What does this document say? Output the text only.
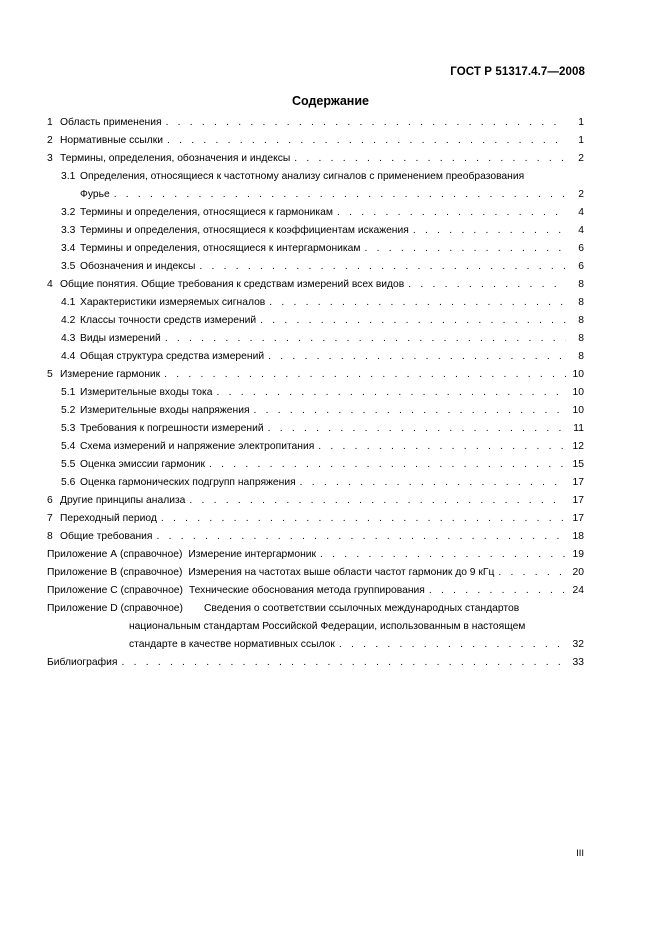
ГОСТ Р 51317.4.7—2008
Содержание
1 Область применения . . .	1
2 Нормативные ссылки . . .	1
3 Термины, определения, обозначения и индексы . . .	2
3.1 Определения, относящиеся к частотному анализу сигналов с применением преобразования
Фурье . . .	2
3.2 Термины и определения, относящиеся к гармоникам . . .	4
3.3 Термины и определения, относящиеся к коэффициентам искажения . . .	4
3.4 Термины и определения, относящиеся к интергармоникам . . .	6
3.5 Обозначения и индексы . . .	6
4 Общие понятия. Общие требования к средствам измерений всех видов . . .	8
4.1 Характеристики измеряемых сигналов . . .	8
4.2 Классы точности средств измерений . . .	8
4.3 Виды измерений . . .	8
4.4 Общая структура средства измерений . . .	8
5 Измерение гармоник . . .	10
5.1 Измерительные входы тока . . .	10
5.2 Измерительные входы напряжения . . .	10
5.3 Требования к погрешности измерений . . .	11
5.4 Схема измерений и напряжение электропитания . . .	12
5.5 Оценка эмиссии гармоник . . .	15
5.6 Оценка гармонических подгрупп напряжения . . .	17
6 Другие принципы анализа . . .	17
7 Переходный период . . .	17
8 Общие требования . . .	18
Приложение А (справочное) Измерение интергармоник . . .	19
Приложение В (справочное) Измерения на частотах выше области частот гармоник до 9 кГц . . .	20
Приложение С (справочное) Технические обоснования метода группирования . . .	24
Приложение D (справочное) Сведения о соответствии ссылочных международных стандартов
национальным стандартам Российской Федерации, использованным в настоящем
стандарте в качестве нормативных ссылок . . .	32
Библиография . . .	33
III
